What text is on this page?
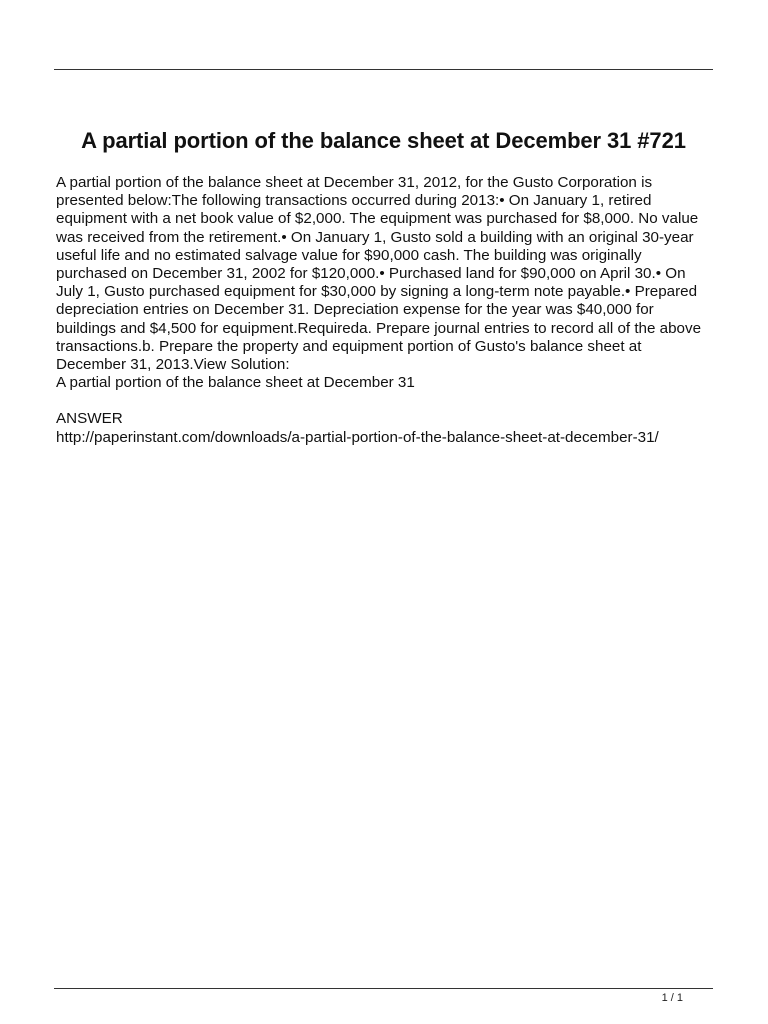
A partial portion of the balance sheet at December 31 #721

A partial portion of the balance sheet at December 31, 2012, for the Gusto Corporation is presented below:The following transactions occurred during 2013:• On January 1, retired equipment with a net book value of $2,000. The equipment was purchased for $8,000. No value was received from the retirement.• On January 1, Gusto sold a building with an original 30-year useful life and no estimated salvage value for $90,000 cash. The building was originally purchased on December 31, 2002 for $120,000.• Purchased land for $90,000 on April 30.• On July 1, Gusto purchased equipment for $30,000 by signing a long-term note payable.• Prepared depreciation entries on December 31. Depreciation expense for the year was $40,000 for buildings and $4,500 for equipment.Requireda. Prepare journal entries to record all of the above transactions.b. Prepare the property and equipment portion of Gusto's balance sheet at December 31, 2013.View Solution:

A partial portion of the balance sheet at December 31

ANSWER

http://paperinstant.com/downloads/a-partial-portion-of-the-balance-sheet-at-december-31/

1 / 1
